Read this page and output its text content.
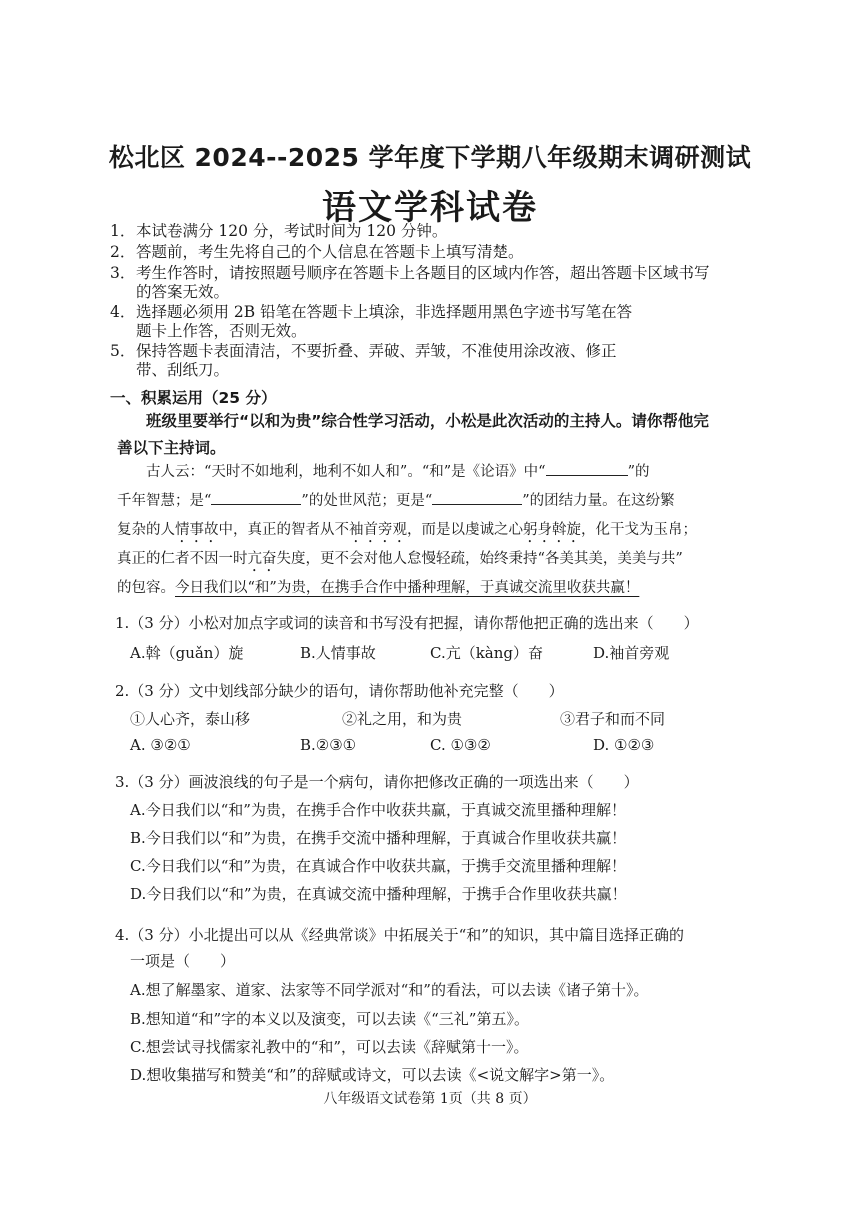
松北区 2024--2025 学年度下学期八年级期末调研测试
语文学科试卷
1．本试卷满分 120 分，考试时间为 120 分钟。
2．答题前，考生先将自己的个人信息在答题卡上填写清楚。
3．考生作答时，请按照题号顺序在答题卡上各题目的区域内作答，超出答题卡区域书写
的答案无效。
4．选择题必须用 2B 铅笔在答题卡上填涂，非选择题用黑色字迹书写笔在答
题卡上作答，否则无效。
5．保持答题卡表面清洁，不要折叠、弄破、弄皱，不准使用涂改液、修正
带、刮纸刀。
一、积累运用（25 分）
班级里要举行“以和为贵”综合性学习活动，小松是此次活动的主持人。请你帮他完
善以下主持词。
古人云：“天时不如地利，地利不如人和”。“和”是《论语》中“	”的
千年智慧；是“	”的处世风范；更是“	”的团结力量。在这纷繁
复杂的人情事故中，真正的智者从不袖首旁观，而是以虔诚之心躬身斡旋，化干戈为玉帛；
真正的仁者不因一时亢奋失度，更不会对他人怠慢轻疏，始终秉持“各美其美，美美与共”
的包容。今日我们以“和”为贵，在携手合作中播种理解，于真诚交流里收获共赢！
1.（3 分）小松对加点字或词的读音和书写没有把握，请你帮他把正确的选出来（　　）
A.斡（guǎn）旋	B.人情事故	C.亢（kàng）奋	D.袖首旁观
2.（3 分）文中划线部分缺少的语句，请你帮助他补充完整（　　）
①人心齐，泰山移	②礼之用，和为贵	③君子和而不同
A. ③②①	B.②③①	C. ①③②	D. ①②③
3.（3 分）画波浪线的句子是一个病句，请你把修改正确的一项选出来（　　）
A.今日我们以“和”为贵，在携手合作中收获共赢，于真诚交流里播种理解！
B.今日我们以“和”为贵，在携手交流中播种理解，于真诚合作里收获共赢！
C.今日我们以“和”为贵，在真诚合作中收获共赢，于携手交流里播种理解！
D.今日我们以“和”为贵，在真诚交流中播种理解，于携手合作里收获共赢！
4.（3 分）小北提出可以从《经典常谈》中拓展关于“和”的知识，其中篇目选择正确的
一项是（　　）
A.想了解墨家、道家、法家等不同学派对“和”的看法，可以去读《诸子第十》。
B.想知道“和”字的本义以及演变，可以去读《“三礼”第五》。
C.想尝试寻找儒家礼教中的“和”，可以去读《辞赋第十一》。
D.想收集描写和赞美“和”的辞赋或诗文，可以去读《<说文解字>第一》。
八年级语文试卷第 1页（共 8 页）
